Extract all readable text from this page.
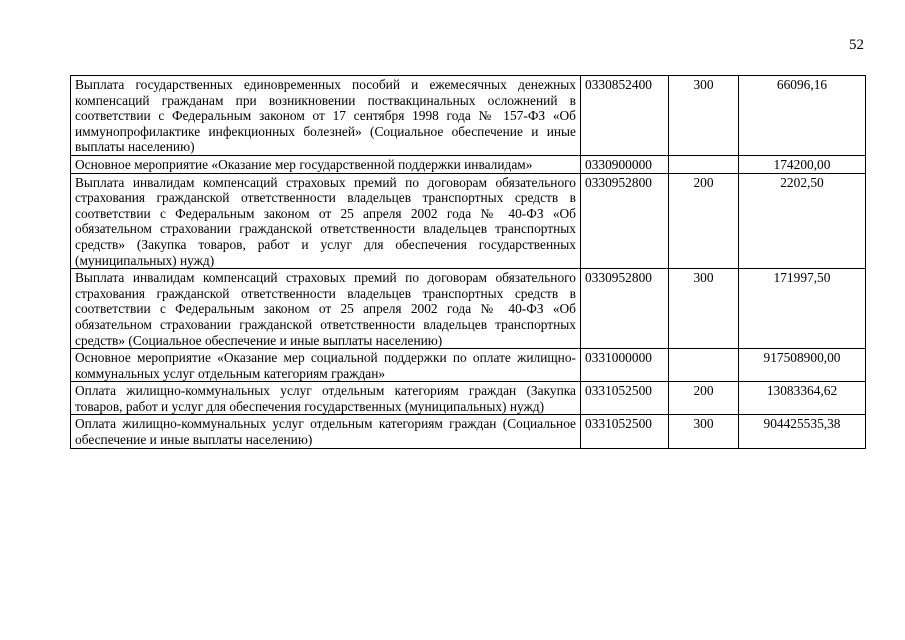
52
Выплата государственных единовременных пособий и ежемесячных денежных компенсаций гражданам при возникновении поствакцинальных осложнений в соответствии с Федеральным законом от 17 сентября 1998 года № 157-ФЗ «Об иммунопрофилактике инфекционных болезней» (Социальное обеспечение и иные выплаты населению)	0330852400	300	66096,16
Основное мероприятие «Оказание мер государственной поддержки инвалидам»	0330900000		174200,00
Выплата инвалидам компенсаций страховых премий по договорам обязательного страхования гражданской ответственности владельцев транспортных средств в соответствии с Федеральным законом от 25 апреля 2002 года № 40-ФЗ «Об обязательном страховании гражданской ответственности владельцев транспортных средств» (Закупка товаров, работ и услуг для обеспечения государственных (муниципальных) нужд)	0330952800	200	2202,50
Выплата инвалидам компенсаций страховых премий по договорам обязательного страхования гражданской ответственности владельцев транспортных средств в соответствии с Федеральным законом от 25 апреля 2002 года № 40-ФЗ «Об обязательном страховании гражданской ответственности владельцев транспортных средств» (Социальное обеспечение и иные выплаты населению)	0330952800	300	171997,50
Основное мероприятие «Оказание мер социальной поддержки по оплате жилищно-коммунальных услуг отдельным категориям граждан»	0331000000		917508900,00
Оплата жилищно-коммунальных услуг отдельным категориям граждан (Закупка товаров, работ и услуг для обеспечения государственных (муниципальных) нужд)	0331052500	200	13083364,62
Оплата жилищно-коммунальных услуг отдельным категориям граждан (Социальное обеспечение и иные выплаты населению)	0331052500	300	904425535,38
